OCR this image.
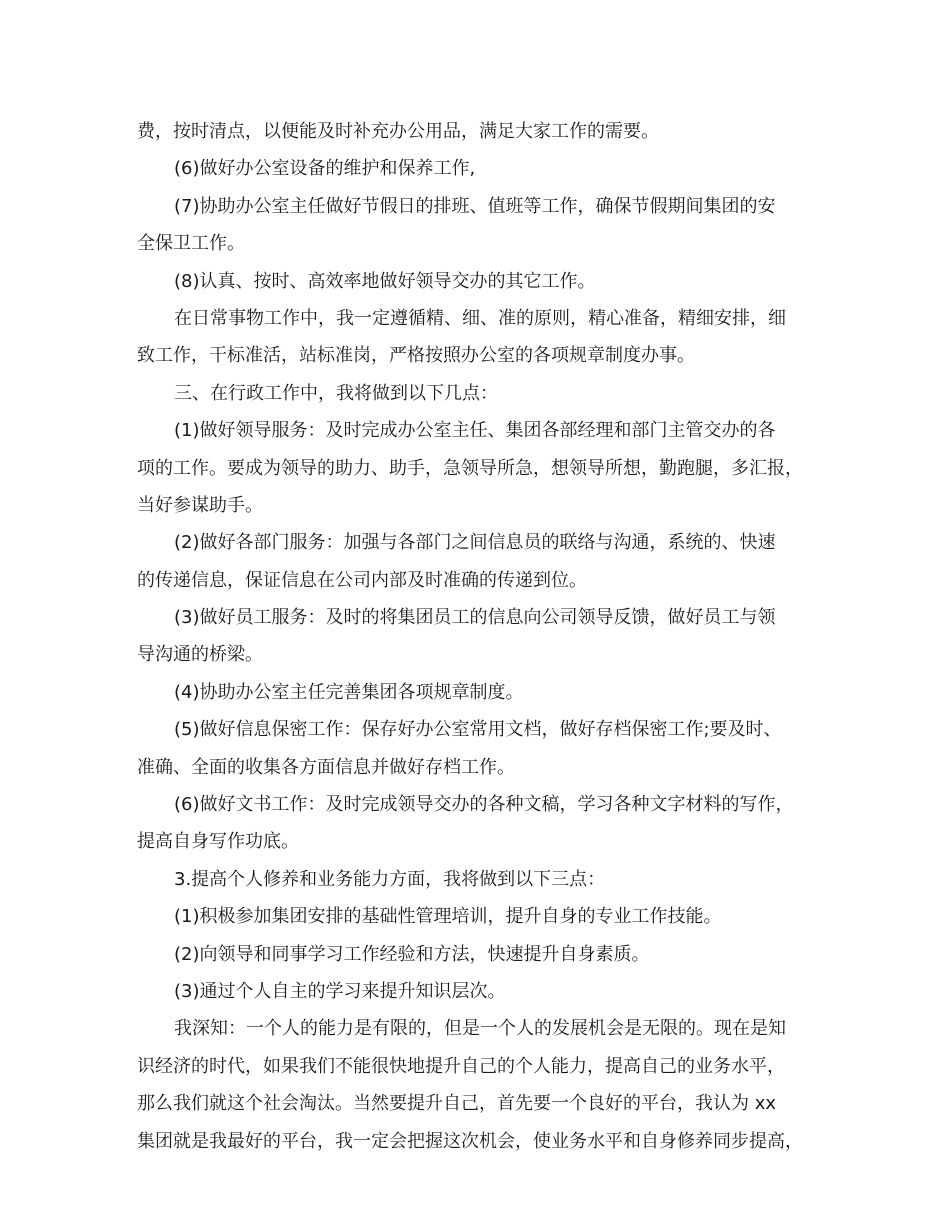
费，按时清点，以便能及时补充办公用品，满足大家工作的需要。
(6)做好办公室设备的维护和保养工作,
(7)协助办公室主任做好节假日的排班、值班等工作，确保节假期间集团的安
全保卫工作。
(8)认真、按时、高效率地做好领导交办的其它工作。
在日常事物工作中，我一定遵循精、细、准的原则，精心准备，精细安排，细
致工作，干标准活，站标准岗，严格按照办公室的各项规章制度办事。
三、在行政工作中，我将做到以下几点：
(1)做好领导服务：及时完成办公室主任、集团各部经理和部门主管交办的各
项的工作。要成为领导的助力、助手，急领导所急，想领导所想，勤跑腿，多汇报，
当好参谋助手。
(2)做好各部门服务：加强与各部门之间信息员的联络与沟通，系统的、快速
的传递信息，保证信息在公司内部及时准确的传递到位。
(3)做好员工服务：及时的将集团员工的信息向公司领导反馈，做好员工与领
导沟通的桥梁。
(4)协助办公室主任完善集团各项规章制度。
(5)做好信息保密工作：保存好办公室常用文档，做好存档保密工作;要及时、
准确、全面的收集各方面信息并做好存档工作。
(6)做好文书工作：及时完成领导交办的各种文稿，学习各种文字材料的写作，
提高自身写作功底。
3.提高个人修养和业务能力方面，我将做到以下三点：
(1)积极参加集团安排的基础性管理培训，提升自身的专业工作技能。
(2)向领导和同事学习工作经验和方法，快速提升自身素质。
(3)通过个人自主的学习来提升知识层次。
我深知：一个人的能力是有限的，但是一个人的发展机会是无限的。现在是知
识经济的时代，如果我们不能很快地提升自己的个人能力，提高自己的业务水平，
那么我们就这个社会淘汰。当然要提升自己，首先要一个良好的平台，我认为 xx
集团就是我最好的平台，我一定会把握这次机会，使业务水平和自身修养同步提高，
